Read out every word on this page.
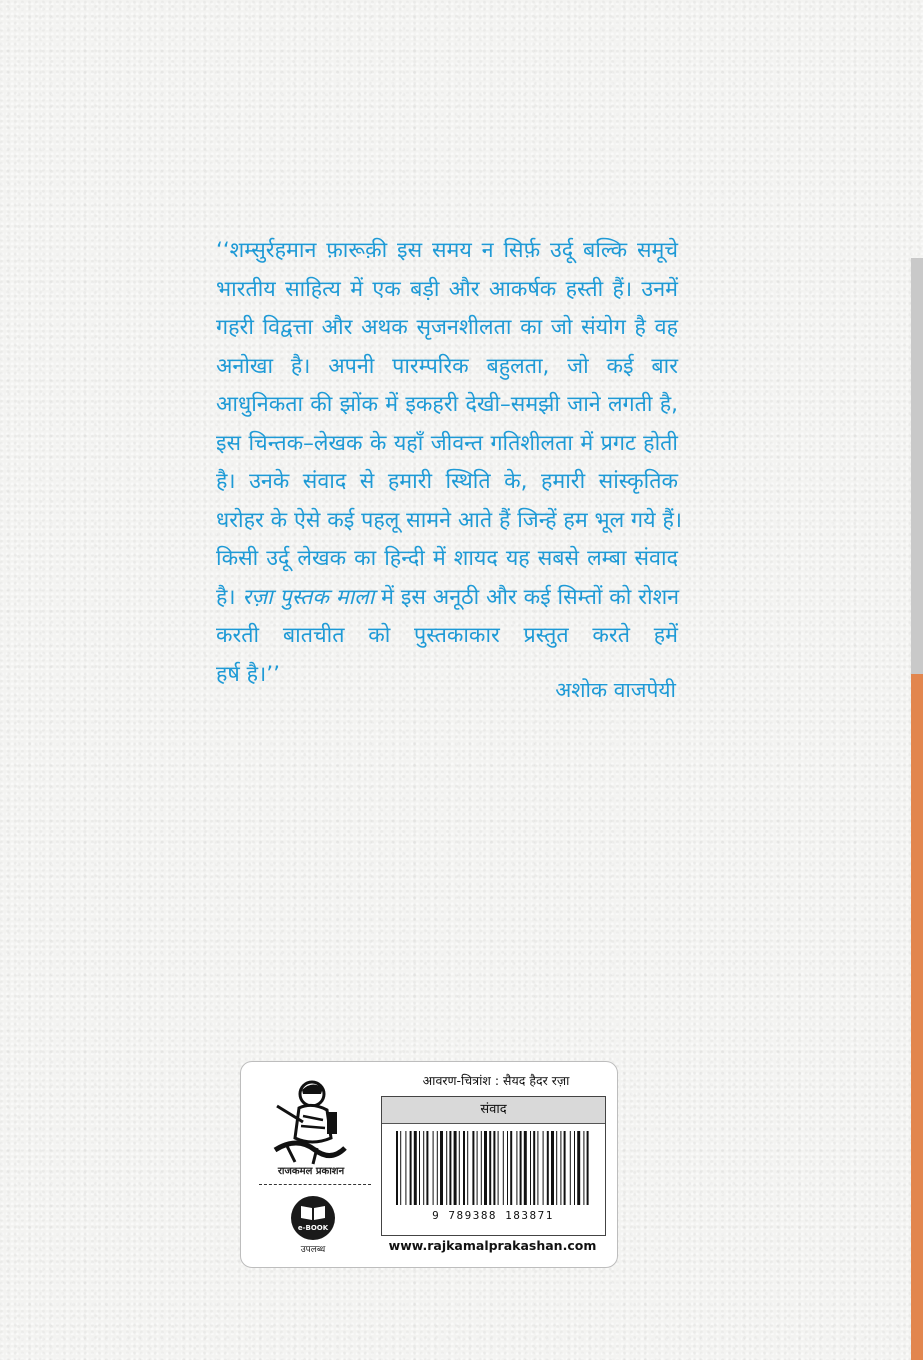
‘‘शम्सुर्रहमान फ़ारूक़ी इस समय न सिर्फ़ उर्दू बल्कि समूचे
भारतीय साहित्य में एक बड़ी और आकर्षक हस्ती हैं। उनमें
गहरी विद्वत्ता और अथक सृजनशीलता का जो संयोग है वह
अनोखा है। अपनी पारम्परिक बहुलता, जो कई बार
आधुनिकता की झोंक में इकहरी देखी–समझी जाने लगती है,
इस चिन्तक–लेखक के यहाँ जीवन्त गतिशीलता में प्रगट होती
है। उनके संवाद से हमारी स्थिति के, हमारी सांस्कृतिक
धरोहर के ऐसे कई पहलू सामने आते हैं जिन्हें हम भूल गये हैं।
किसी उर्दू लेखक का हिन्दी में शायद यह सबसे लम्बा संवाद
है। रज़ा पुस्तक माला में इस अनूठी और कई सिम्तों को रोशन
करती बातचीत को पुस्तकाकार प्रस्तुत करते हमें
हर्ष है।’’
अशोक वाजपेयी
राजकमल प्रकाशन
e-BOOK
उपलब्ध
आवरण-चित्रांश : सैयद हैदर रज़ा
संवाद
9 789388 183871
www.rajkamalprakashan.com
